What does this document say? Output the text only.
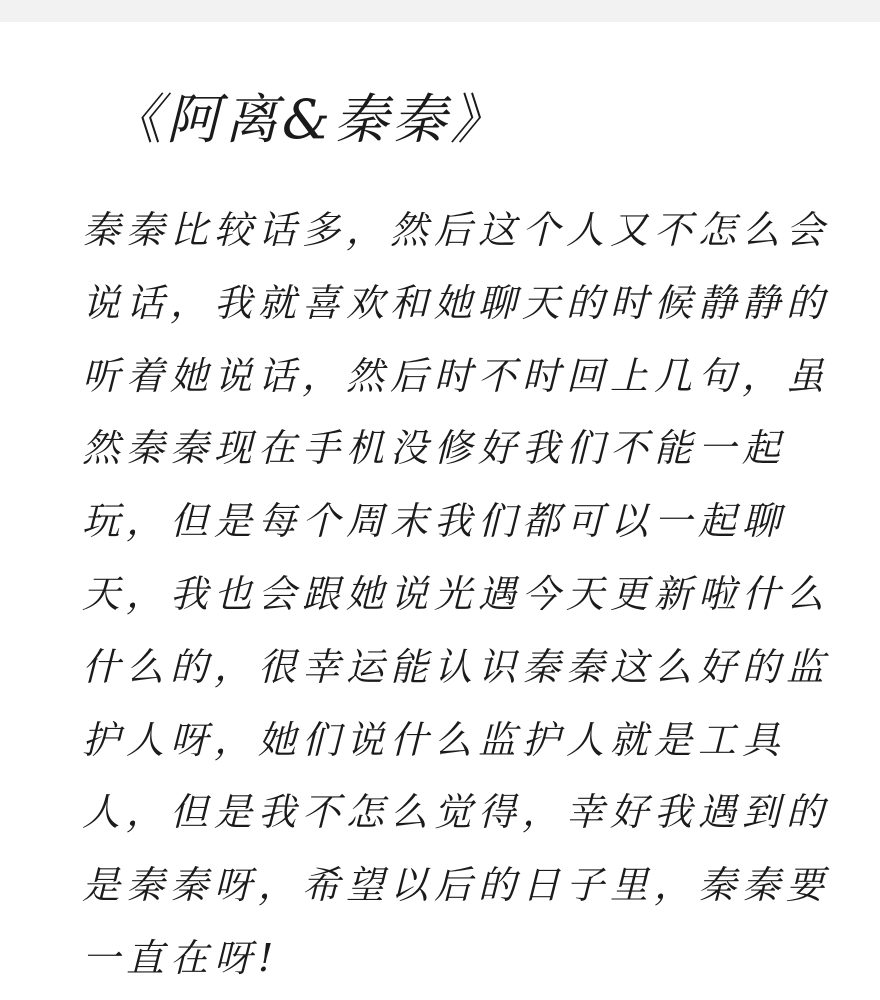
《阿离&秦秦》
秦秦比较话多，然后这个人又不怎么会
说话，我就喜欢和她聊天的时候静静的
听着她说话，然后时不时回上几句，虽
然秦秦现在手机没修好我们不能一起
玩，但是每个周末我们都可以一起聊
天，我也会跟她说光遇今天更新啦什么
什么的，很幸运能认识秦秦这么好的监
护人呀，她们说什么监护人就是工具
人，但是我不怎么觉得，幸好我遇到的
是秦秦呀，希望以后的日子里，秦秦要
一直在呀!
